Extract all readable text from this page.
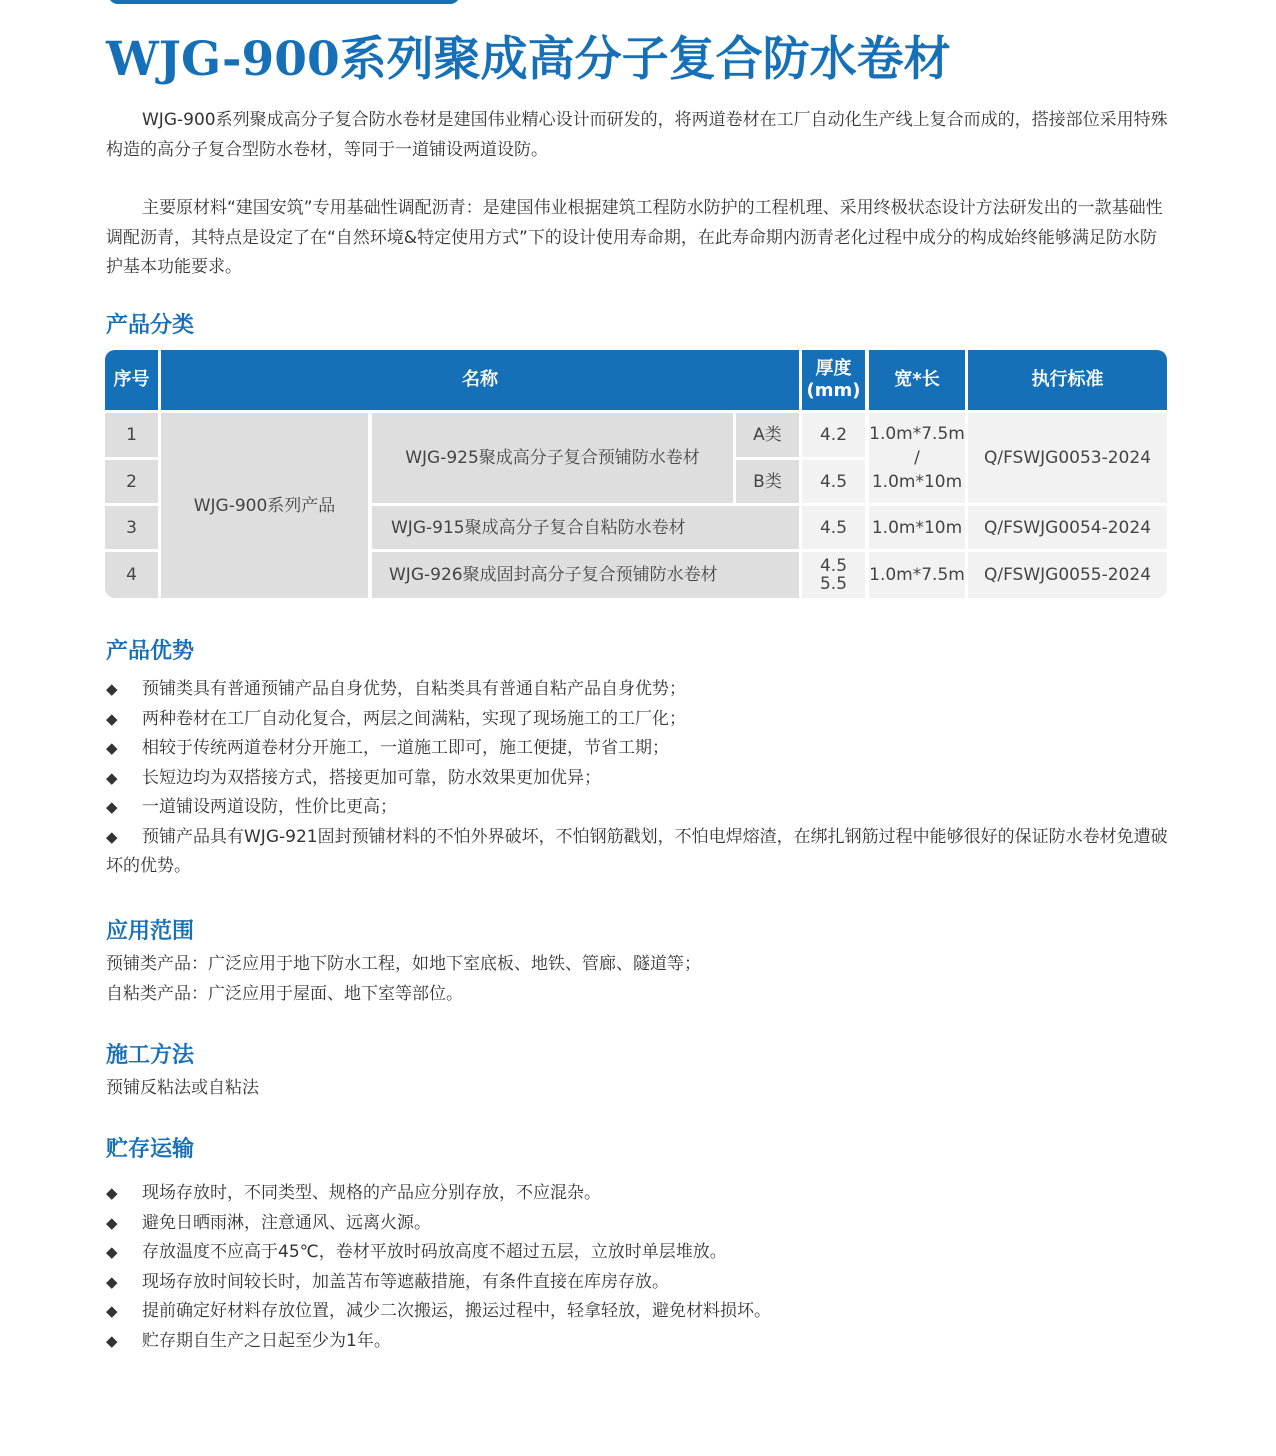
WJG-900系列聚成高分子复合防水卷材

WJG-900系列聚成高分子复合防水卷材是建国伟业精心设计而研发的，将两道卷材在工厂自动化生产线上复合而成的，搭接部位采用特殊构造的高分子复合型防水卷材，等同于一道铺设两道设防。

主要原材料“建国安筑”专用基础性调配沥青：是建国伟业根据建筑工程防水防护的工程机理、采用终极状态设计方法研发出的一款基础性调配沥青，其特点是设定了在“自然环境&特定使用方式”下的设计使用寿命期，在此寿命期内沥青老化过程中成分的构成始终能够满足防水防护基本功能要求。

产品分类
序号	名称
厚度
(mm)
宽*长	执行标准
1
2
3
4
WJG-900系列产品
WJG-925聚成高分子复合预铺防水卷材
A类
B类
WJG-915聚成高分子复合自粘防水卷材
WJG-926聚成固封高分子复合预铺防水卷材
4.2
4.5
4.5
4.5
5.5
1.0m*7.5m
/
1.0m*10m
1.0m*10m
1.0m*7.5m
Q/FSWJG0053-2024
Q/FSWJG0054-2024
Q/FSWJG0055-2024
产品优势
◆ 预铺类具有普通预铺产品自身优势，自粘类具有普通自粘产品自身优势；
◆ 两种卷材在工厂自动化复合，两层之间满粘，实现了现场施工的工厂化；
◆ 相较于传统两道卷材分开施工，一道施工即可，施工便捷，节省工期；
◆ 长短边均为双搭接方式，搭接更加可靠，防水效果更加优异；
◆ 一道铺设两道设防，性价比更高；
◆ 预铺产品具有WJG-921固封预铺材料的不怕外界破坏，不怕钢筋戳划，不怕电焊熔渣，在绑扎钢筋过程中能够很好的保证防水卷材免遭破坏的优势。
应用范围

预铺类产品：广泛应用于地下防水工程，如地下室底板、地铁、管廊、隧道等；

自粘类产品：广泛应用于屋面、地下室等部位。

施工方法

预铺反粘法或自粘法

贮存运输
◆ 现场存放时，不同类型、规格的产品应分别存放，不应混杂。
◆ 避免日晒雨淋，注意通风、远离火源。
◆ 存放温度不应高于45℃，卷材平放时码放高度不超过五层，立放时单层堆放。
◆ 现场存放时间较长时，加盖苫布等遮蔽措施，有条件直接在库房存放。
◆ 提前确定好材料存放位置，减少二次搬运，搬运过程中，轻拿轻放，避免材料损坏。
◆ 贮存期自生产之日起至少为1年。
